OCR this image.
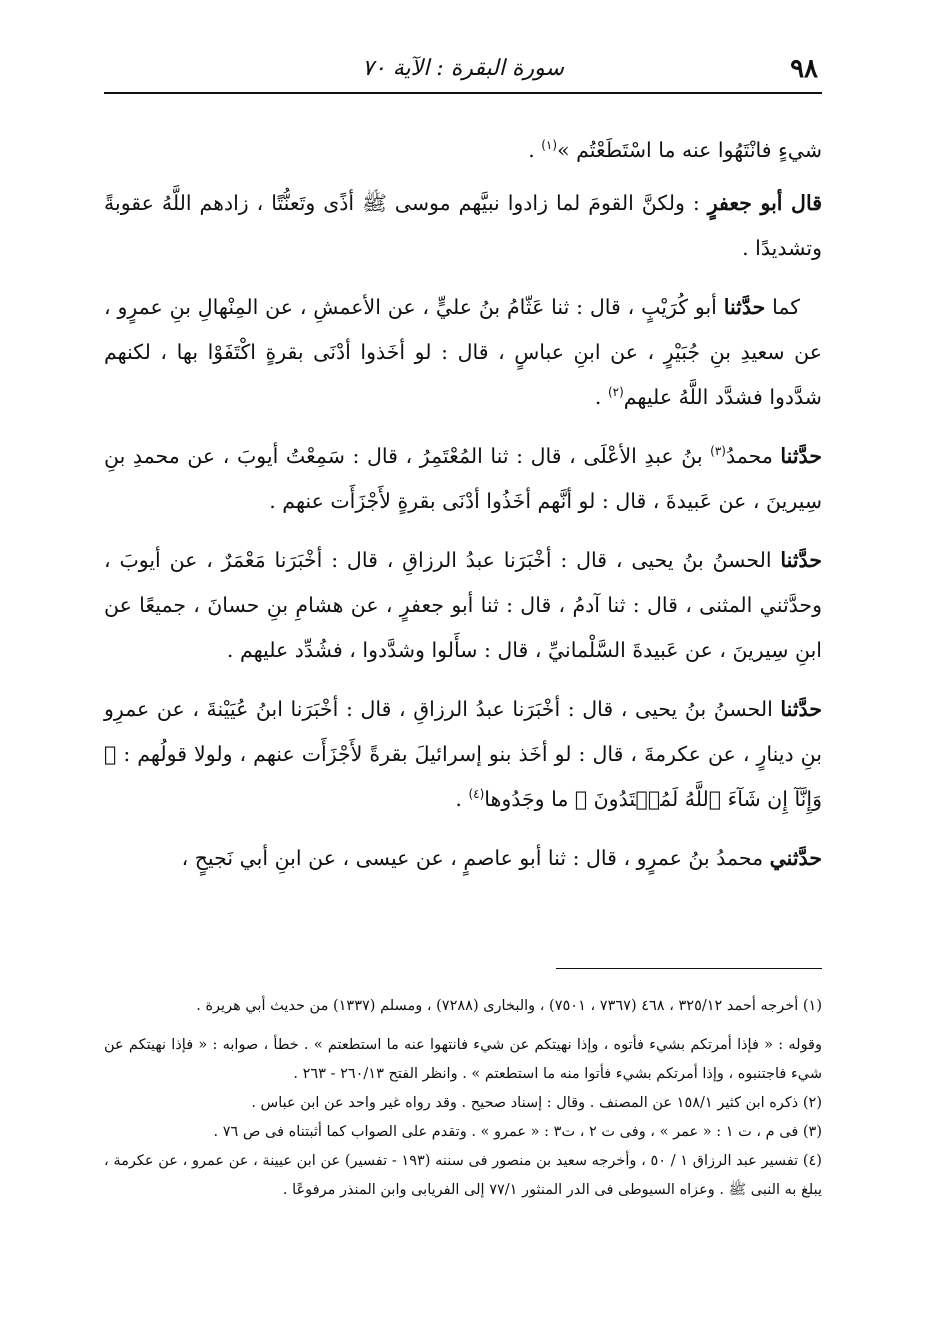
٩٨
سورة البقرة : الآية ٧٠

شيءٍ فانْتَهُوا عنه ما اسْتَطَعْتُم »$^{(١)}$ .

قال أبو جعفرٍ : ولكنَّ القومَ لما زادوا نبيَّهم موسى ﷺ أذًى وتَعنُّتًا ، زادهم اللَّهُ عقوبةً وتشديدًا .

كما حدَّثنا أبو كُرَيْبٍ ، قال : ثنا عَثّامُ بنُ عليٍّ ، عن الأعمشِ ، عن المِنْهالِ بنِ عمرٍو ، عن سعيدِ بنِ جُبَيْرٍ ، عن ابنِ عباسٍ ، قال : لو أخَذوا أدْنَى بقرةٍ اكْتَفَوْا بها ، لكنهم شدَّدوا فشدَّد اللَّهُ عليهم$^{(٢)}$ .

حدَّثنا محمدُ$^{(٣)}$ بنُ عبدِ الأعْلَى ، قال : ثنا المُعْتَمِرُ ، قال : سَمِعْتُ أيوبَ ، عن محمدِ بنِ سِيرينَ ، عن عَبيدةَ ، قال : لو أنَّهم أخَذُوا أدْنَى بقرةٍ لأَجْزَأَت عنهم .

حدَّثنا الحسنُ بنُ يحيى ، قال : أخْبَرَنا عبدُ الرزاقِ ، قال : أخْبَرَنا مَعْمَرٌ ، عن أيوبَ ، وحدَّثني المثنى ، قال : ثنا آدمُ ، قال : ثنا أبو جعفرٍ ، عن هشامِ بنِ حسانَ ، جميعًا عن ابنِ سِيرينَ ، عن عَبيدةَ السَّلْمانيِّ ، قال : سأَلوا وشدَّدوا ، فشُدِّد عليهم .

حدَّثنا الحسنُ بنُ يحيى ، قال : أخْبَرَنا عبدُ الرزاقِ ، قال : أخْبَرَنا ابنُ عُيَيْنةَ ، عن عمرِو بنِ دينارٍ ، عن عكرمةَ ، قال : لو أخَذ بنو إسرائيلَ بقرةً لأَجْزَأَت عنهم ، ولولا قولُهم : ﴿ وَإِنَّآ إِن شَآءَ ٱللَّهُ لَمُهۡتَدُونَ ﴾ ما وجَدُوها$^{(٤)}$ .

حدَّثني محمدُ بنُ عمرٍو ، قال : ثنا أبو عاصمٍ ، عن عيسى ، عن ابنِ أبي نَجيحٍ ،

(١) أخرجه أحمد ٣٢٥/١٢ ، ٤٦٨ (٧٣٦٧ ، ٧٥٠١) ، والبخارى (٧٢٨٨) ، ومسلم (١٣٣٧) من حديث أبي هريرة .

وقوله : « فإذا أمرتكم بشيء فأتوه ، وإذا نهيتكم عن شيء فانتهوا عنه ما استطعتم » . خطأ ، صوابه : « فإذا نهيتكم عن شيء فاجتنبوه ، وإذا أمرتكم بشيء فأتوا منه ما استطعتم » . وانظر الفتح ٢٦٠/١٣ - ٢٦٣ .

(٢) ذكره ابن كثير ١٥٨/١ عن المصنف . وقال : إسناد صحيح . وقد رواه غير واحد عن ابن عباس .

(٣) فى م ، ت ١ : « عمر » ، وفى ت ٢ ، ت٣ : « عمرو » . وتقدم على الصواب كما أثبتناه فى ص ٧٦ .

(٤) تفسير عبد الرزاق ١ / ٥٠ ، وأخرجه سعيد بن منصور فى سننه (١٩٣ - تفسير) عن ابن عيينة ، عن عمرو ، عن عكرمة ، يبلغ به النبى ﷺ . وعزاه السيوطى فى الدر المنثور ٧٧/١ إلى الفريابى وابن المنذر مرفوعًا .
